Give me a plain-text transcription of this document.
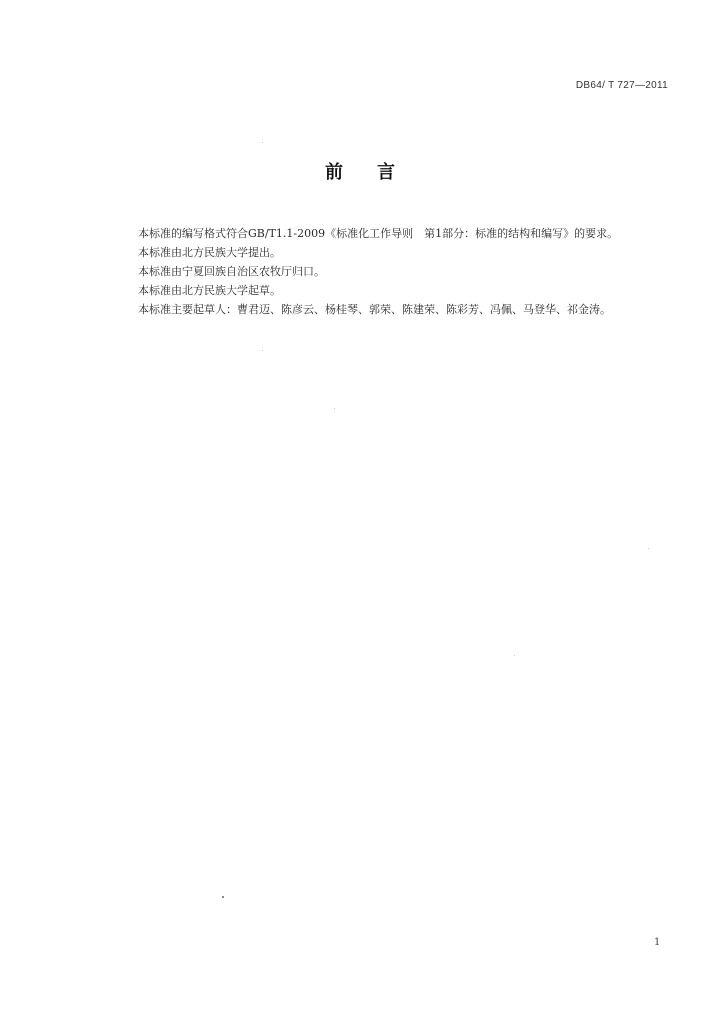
DB64/ T 727—2011
前言
本标准的编写格式符合GB/T1.1-2009《标准化工作导则　第1部分：标准的结构和编写》的要求。
本标准由北方民族大学提出。
本标准由宁夏回族自治区农牧厅归口。
本标准由北方民族大学起草。
本标准主要起草人：曹君迈、陈彦云、杨桂琴、郭荣、陈建荣、陈彩芳、冯佩、马登华、祁金涛。
1
